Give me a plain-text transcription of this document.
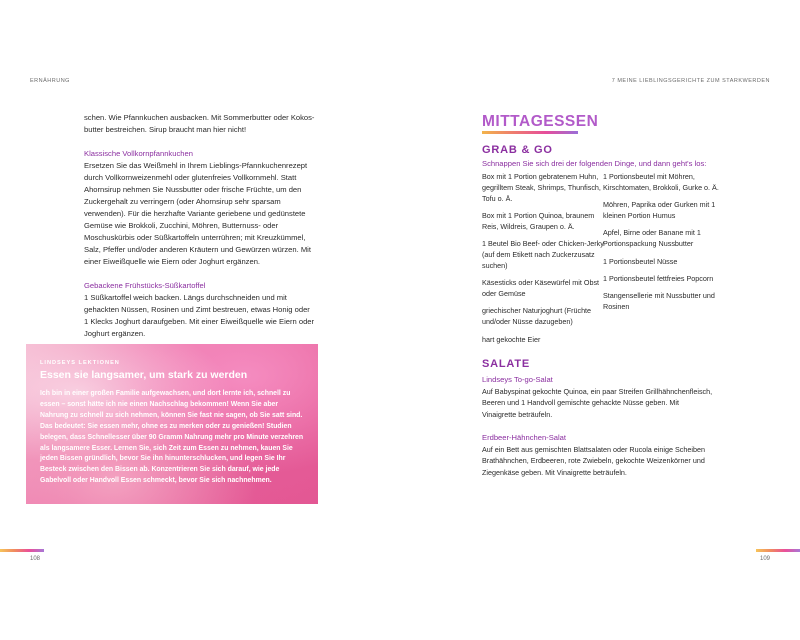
ERNÄHRUNG

schen. Wie Pfannkuchen ausbacken. Mit Sommerbutter oder Kokos-butter bestreichen. Sirup braucht man hier nicht!

Klassische Vollkornpfannkuchen

Ersetzen Sie das Weißmehl in Ihrem Lieblings-Pfannkuchenrezept durch Vollkornweizenmehl oder glutenfreies Vollkornmehl. Statt Ahornsirup nehmen Sie Nussbutter oder frische Früchte, um den Zuckergehalt zu verringern (oder Ahornsirup sehr sparsam verwenden). Für die herzhafte Variante geriebene und gedünstete Gemüse wie Brokkoli, Zucchini, Möhren, Butternuss- oder Moschuskürbis oder Süßkartoffeln unterrühren; mit Kreuzkümmel, Salz, Pfeffer und/oder anderen Kräutern und Gewürzen würzen. Mit einer Eiweißquelle wie Eiern oder Joghurt ergänzen.

Gebackene Frühstücks-Süßkartoffel

1 Süßkartoffel weich backen. Längs durchschneiden und mit gehackten Nüssen, Rosinen und Zimt bestreuen, etwas Honig oder 1 Klecks Joghurt daraufgeben. Mit einer Eiweißquelle wie Eiern oder Joghurt ergänzen.

LINDSEYS LEKTIONEN
Essen sie langsamer, um stark zu werden
Ich bin in einer großen Familie aufgewachsen, und dort lernte ich, schnell zu essen – sonst hätte ich nie einen Nachschlag bekommen! Wenn Sie aber Nahrung zu schnell zu sich nehmen, können Sie fast nie sagen, ob Sie satt sind. Das bedeutet: Sie essen mehr, ohne es zu merken oder zu genießen! Studien belegen, dass Schnellesser über 90 Gramm Nahrung mehr pro Minute verzehren als langsamere Esser. Lernen Sie, sich Zeit zum Essen zu nehmen, kauen Sie jeden Bissen gründlich, bevor Sie ihn hinunterschlucken, und legen Sie Ihr Besteck zwischen den Bissen ab. Konzentrieren Sie sich darauf, wie jede Gabelvoll oder Handvoll Essen schmeckt, bevor Sie sich nachnehmen.
108
7 MEINE LIEBLINGSGERICHTE ZUM STARKWERDEN
MITTAGESSEN
GRAB & GO
Schnappen Sie sich drei der folgenden Dinge, und dann geht's los:
Box mit 1 Portion gebratenem Huhn, gegrilltem Steak, Shrimps, Thunfisch, Tofu o. Ä.
Box mit 1 Portion Quinoa, braunem Reis, Wildreis, Graupen o. Ä.
1 Beutel Bio Beef- oder Chicken-Jerky (auf dem Etikett nach Zuckerzusatz suchen)
Käsesticks oder Käsewürfel mit Obst oder Gemüse
griechischer Naturjoghurt (Früchte und/oder Nüsse dazugeben)
hart gekochte Eier
1 Portionsbeutel mit Möhren, Kirschtomaten, Brokkoli, Gurke o. Ä.
Möhren, Paprika oder Gurken mit 1 kleinen Portion Humus
Apfel, Birne oder Banane mit 1 Portionspackung Nussbutter
1 Portionsbeutel Nüsse
1 Portionsbeutel fettfreies Popcorn
Stangensellerie mit Nussbutter und Rosinen
SALATE
Lindseys To-go-Salat
Auf Babyspinat gekochte Quinoa, ein paar Streifen Grillhähnchenfleisch, Beeren und 1 Handvoll gemischte gehackte Nüsse geben. Mit Vinaigrette beträufeln.
Erdbeer-Hähnchen-Salat
Auf ein Bett aus gemischten Blattsalaten oder Rucola einige Scheiben Brathähnchen, Erdbeeren, rote Zwiebeln, gekochte Weizenkörner und Ziegenkäse geben. Mit Vinaigrette beträufeln.
109
